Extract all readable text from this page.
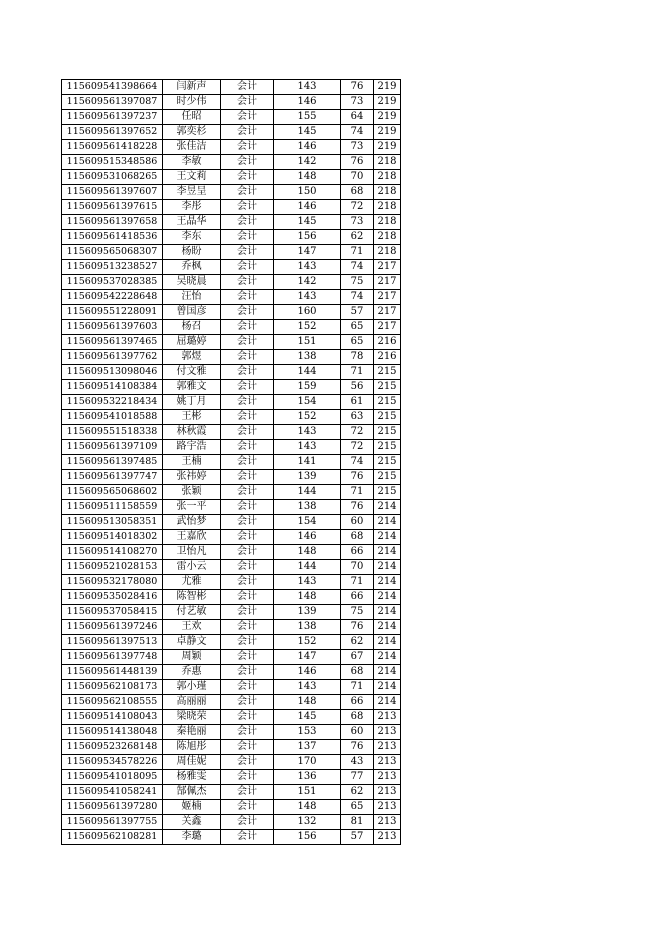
115609541398664	闫新声	会计	143	76	219
115609561397087	时少伟	会计	146	73	219
115609561397237	任昭	会计	155	64	219
115609561397652	郭奕杉	会计	145	74	219
115609561418228	张佳洁	会计	146	73	219
115609515348586	李敏	会计	142	76	218
115609531068265	王文莉	会计	148	70	218
115609561397607	李昱呈	会计	150	68	218
115609561397615	李彤	会计	146	72	218
115609561397658	王晶华	会计	145	73	218
115609561418536	李东	会计	156	62	218
115609565068307	杨盼	会计	147	71	218
115609513238527	乔枫	会计	143	74	217
115609537028385	吴晓晨	会计	142	75	217
115609542228648	汪怡	会计	143	74	217
115609551228091	曾国彦	会计	160	57	217
115609561397603	杨召	会计	152	65	217
115609561397465	屈璐婷	会计	151	65	216
115609561397762	郭煜	会计	138	78	216
115609513098046	付文雅	会计	144	71	215
115609514108384	郭雅文	会计	159	56	215
115609532218434	姚丁月	会计	154	61	215
115609541018588	王彬	会计	152	63	215
115609551518338	林秋霞	会计	143	72	215
115609561397109	路宇浩	会计	143	72	215
115609561397485	王楠	会计	141	74	215
115609561397747	张祎婷	会计	139	76	215
115609565068602	张颖	会计	144	71	215
115609511158559	张一平	会计	138	76	214
115609513058351	武怡梦	会计	154	60	214
115609514018302	王嘉欣	会计	146	68	214
115609514108270	卫怡凡	会计	148	66	214
115609521028153	雷小云	会计	144	70	214
115609532178080	尤雅	会计	143	71	214
115609535028416	陈智彬	会计	148	66	214
115609537058415	付艺敏	会计	139	75	214
115609561397246	王欢	会计	138	76	214
115609561397513	卓静文	会计	152	62	214
115609561397748	周颖	会计	147	67	214
115609561448139	乔惠	会计	146	68	214
115609562108173	郭小瑾	会计	143	71	214
115609562108555	高丽丽	会计	148	66	214
115609514108043	梁晓荣	会计	145	68	213
115609514138048	秦艳丽	会计	153	60	213
115609523268148	陈旭彤	会计	137	76	213
115609534578226	周佳妮	会计	170	43	213
115609541018095	杨雅雯	会计	136	77	213
115609541058241	郜佩杰	会计	151	62	213
115609561397280	姬楠	会计	148	65	213
115609561397755	关鑫	会计	132	81	213
115609562108281	李璐	会计	156	57	213
